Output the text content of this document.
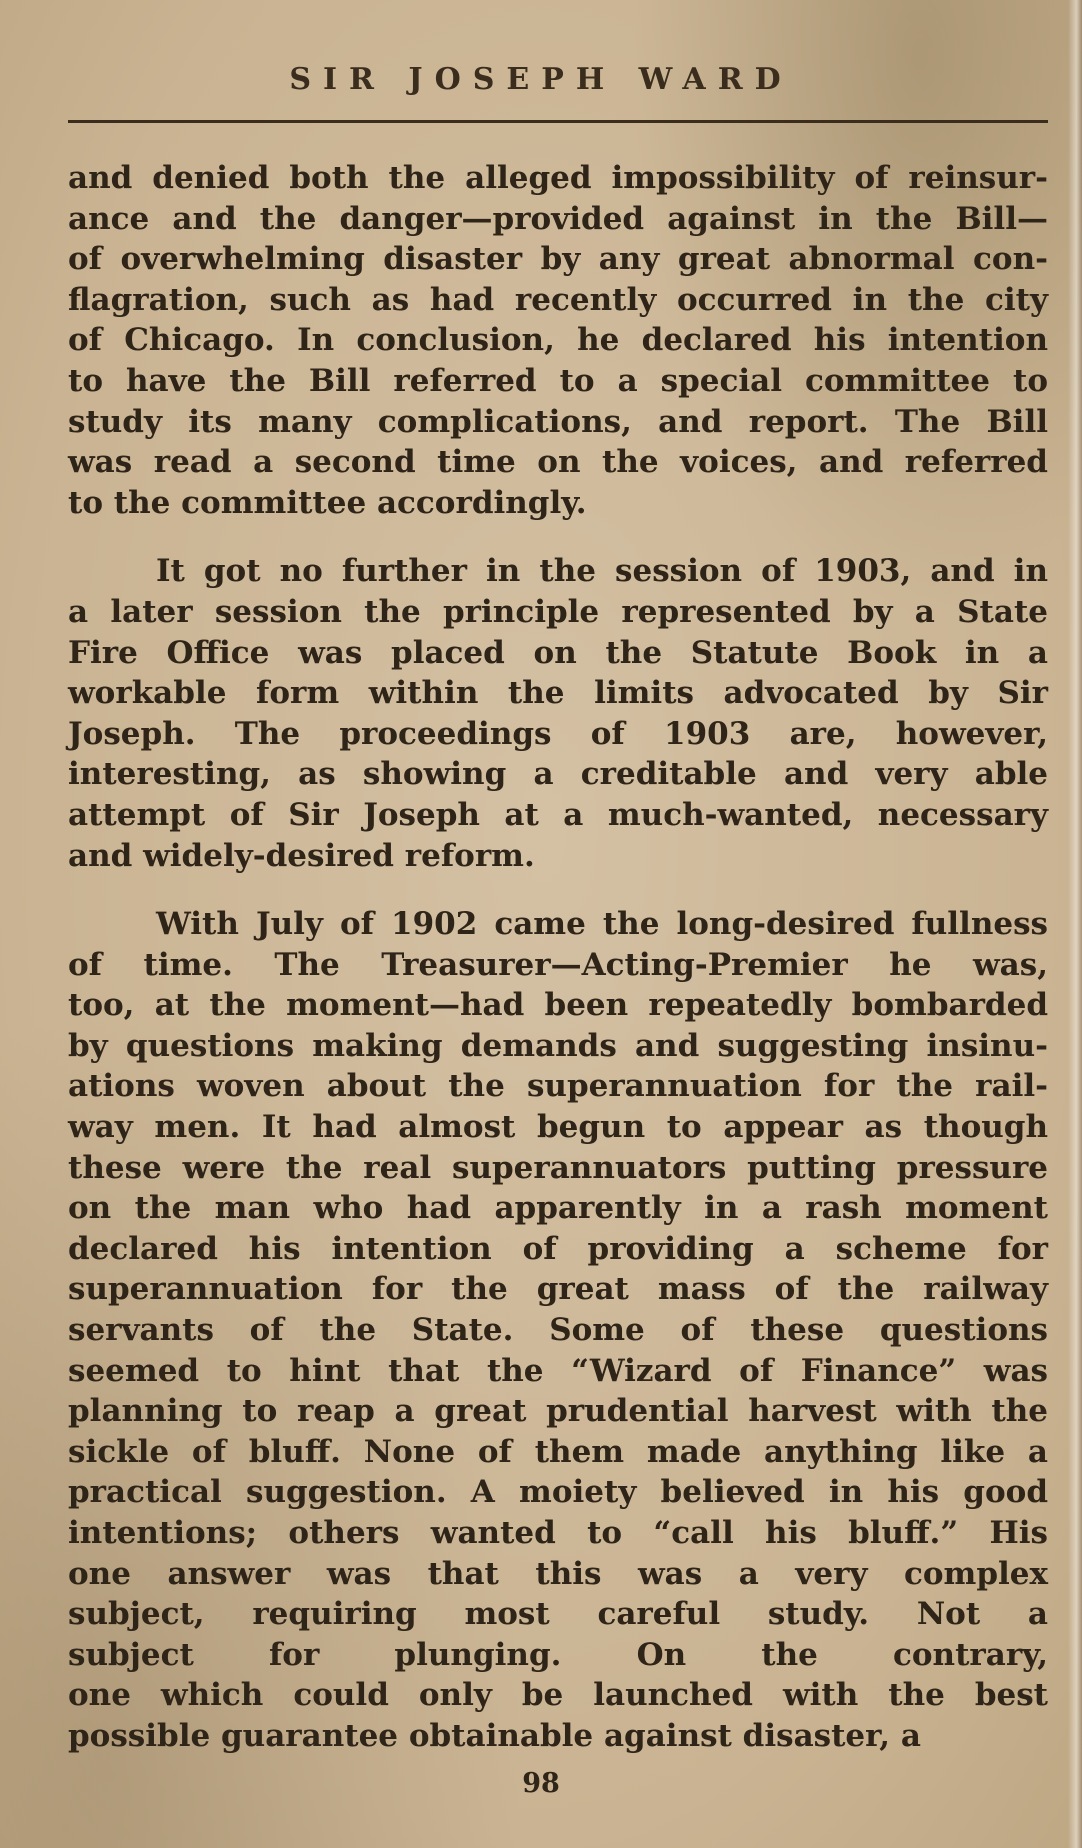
SIR JOSEPH WARD
and denied both the alleged impossibility of reinsur-
ance and the danger—provided against in the Bill—
of overwhelming disaster by any great abnormal con-
flagration, such as had recently occurred in the city
of Chicago. In conclusion, he declared his intention
to have the Bill referred to a special committee to
study its many complications, and report. The Bill
was read a second time on the voices, and referred
to the committee accordingly.
It got no further in the session of 1903, and in
a later session the principle represented by a State
Fire Office was placed on the Statute Book in a
workable form within the limits advocated by Sir
Joseph. The proceedings of 1903 are, however,
interesting, as showing a creditable and very able
attempt of Sir Joseph at a much-wanted, necessary
and widely-desired reform.
With July of 1902 came the long-desired fullness
of time. The Treasurer—Acting-Premier he was,
too, at the moment—had been repeatedly bombarded
by questions making demands and suggesting insinu-
ations woven about the superannuation for the rail-
way men. It had almost begun to appear as though
these were the real superannuators putting pressure
on the man who had apparently in a rash moment
declared his intention of providing a scheme for
superannuation for the great mass of the railway
servants of the State. Some of these questions
seemed to hint that the “Wizard of Finance” was
planning to reap a great prudential harvest with the
sickle of bluff. None of them made anything like a
practical suggestion. A moiety believed in his good
intentions; others wanted to “call his bluff.” His
one answer was that this was a very complex
subject, requiring most careful study. Not a
subject for plunging. On the contrary,
one which could only be launched with the best
possible guarantee obtainable against disaster, a
98
